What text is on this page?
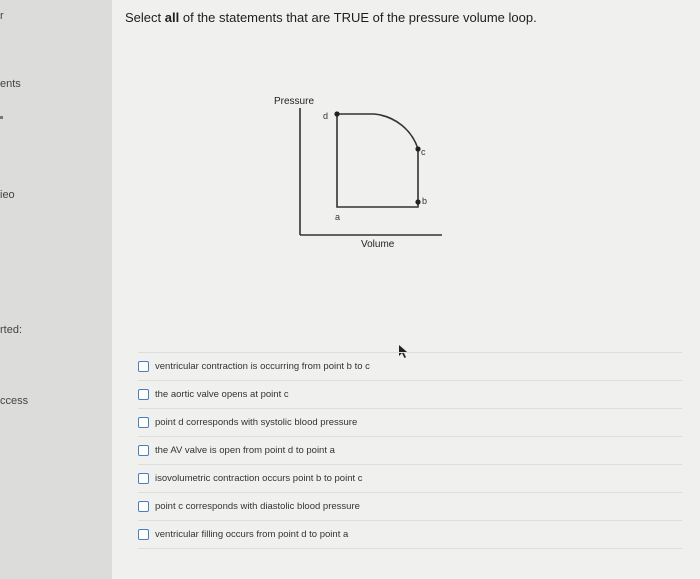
r
ents
ieo
rted:
ccess
Select all of the statements that are TRUE of the pressure volume loop.
Pressure
Volume
d
c
b
a
ventricular contraction is occurring from point b to c
the aortic valve opens at point c
point d corresponds with systolic blood pressure
the AV valve is open from point d to point a
isovolumetric contraction occurs point b to point c
point c corresponds with diastolic blood pressure
ventricular filling occurs from point d to point a
